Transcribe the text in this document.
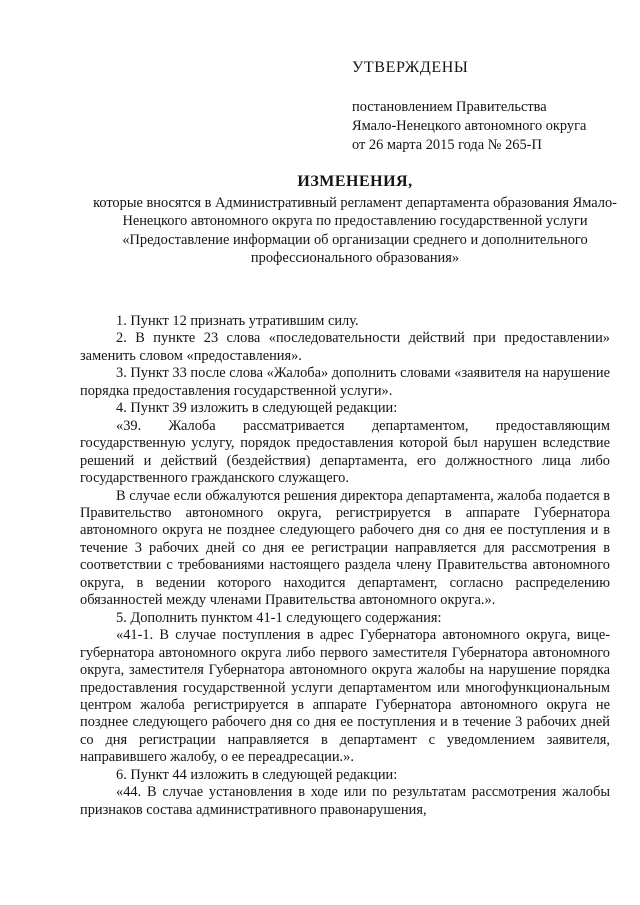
УТВЕРЖДЕНЫ
постановлением Правительства
Ямало-Ненецкого автономного округа
от 26 марта 2015 года № 265-П
ИЗМЕНЕНИЯ,
которые вносятся в Административный регламент департамента образования Ямало-Ненецкого автономного округа по предоставлению государственной услуги «Предоставление информации об организации среднего и дополнительного профессионального образования»

1. Пункт 12 признать утратившим силу.

2. В пункте 23 слова «последовательности действий при предоставлении» заменить словом «предоставления».

3. Пункт 33 после слова «Жалоба» дополнить словами «заявителя на нарушение порядка предоставления государственной услуги».

4. Пункт 39 изложить в следующей редакции:

«39. Жалоба рассматривается департаментом, предоставляющим государственную услугу, порядок предоставления которой был нарушен вследствие решений и действий (бездействия) департамента, его должностного лица либо государственного гражданского служащего.

В случае если обжалуются решения директора департамента, жалоба подается в Правительство автономного округа, регистрируется в аппарате Губернатора автономного округа не позднее следующего рабочего дня со дня ее поступления и в течение 3 рабочих дней со дня ее регистрации направляется для рассмотрения в соответствии с требованиями настоящего раздела члену Правительства автономного округа, в ведении которого находится департамент, согласно распределению обязанностей между членами Правительства автономного округа.».

5. Дополнить пунктом 41-1 следующего содержания:

«41-1. В случае поступления в адрес Губернатора автономного округа, вице-губернатора автономного округа либо первого заместителя Губернатора автономного округа, заместителя Губернатора автономного округа жалобы на нарушение порядка предоставления государственной услуги департаментом или многофункциональным центром жалоба регистрируется в аппарате Губернатора автономного округа не позднее следующего рабочего дня со дня ее поступления и в течение 3 рабочих дней со дня регистрации направляется в департамент с уведомлением заявителя, направившего жалобу, о ее переадресации.».

6. Пункт 44 изложить в следующей редакции:

«44. В случае установления в ходе или по результатам рассмотрения жалобы признаков состава административного правонарушения,
